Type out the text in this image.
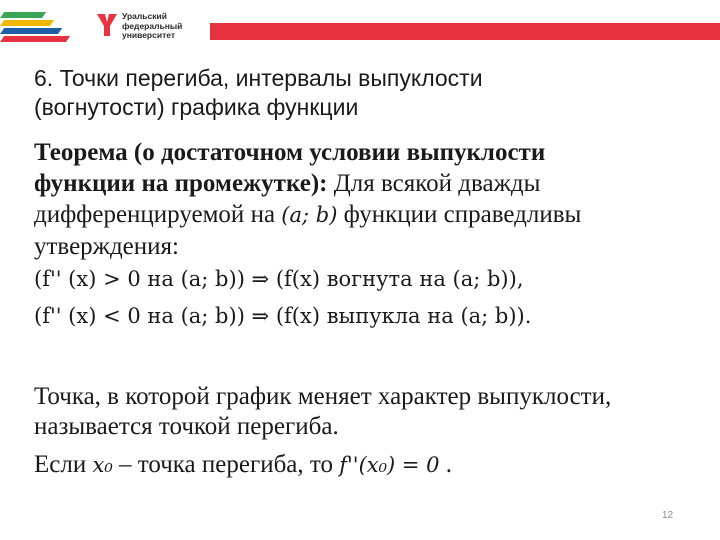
Уральский
федеральный
университет
6. Точки перегиба, интервалы выпуклости
(вогнутости) графика функции
Теорема (о достаточном условии выпуклости
функции на промежутке): Для всякой дважды
дифференцируемой на (a; b) функции справедливы
утверждения:
(f'' (x) > 0 на (a; b)) ⇒ (f(x) вогнута на (a; b)),
(f'' (x) < 0 на (a; b)) ⇒ (f(x) выпукла на (a; b)).
Точка, в которой график меняет характер выпуклости,
называется точкой перегиба.
Если x₀ – точка перегиба, то f''(x₀) = 0 .
12
